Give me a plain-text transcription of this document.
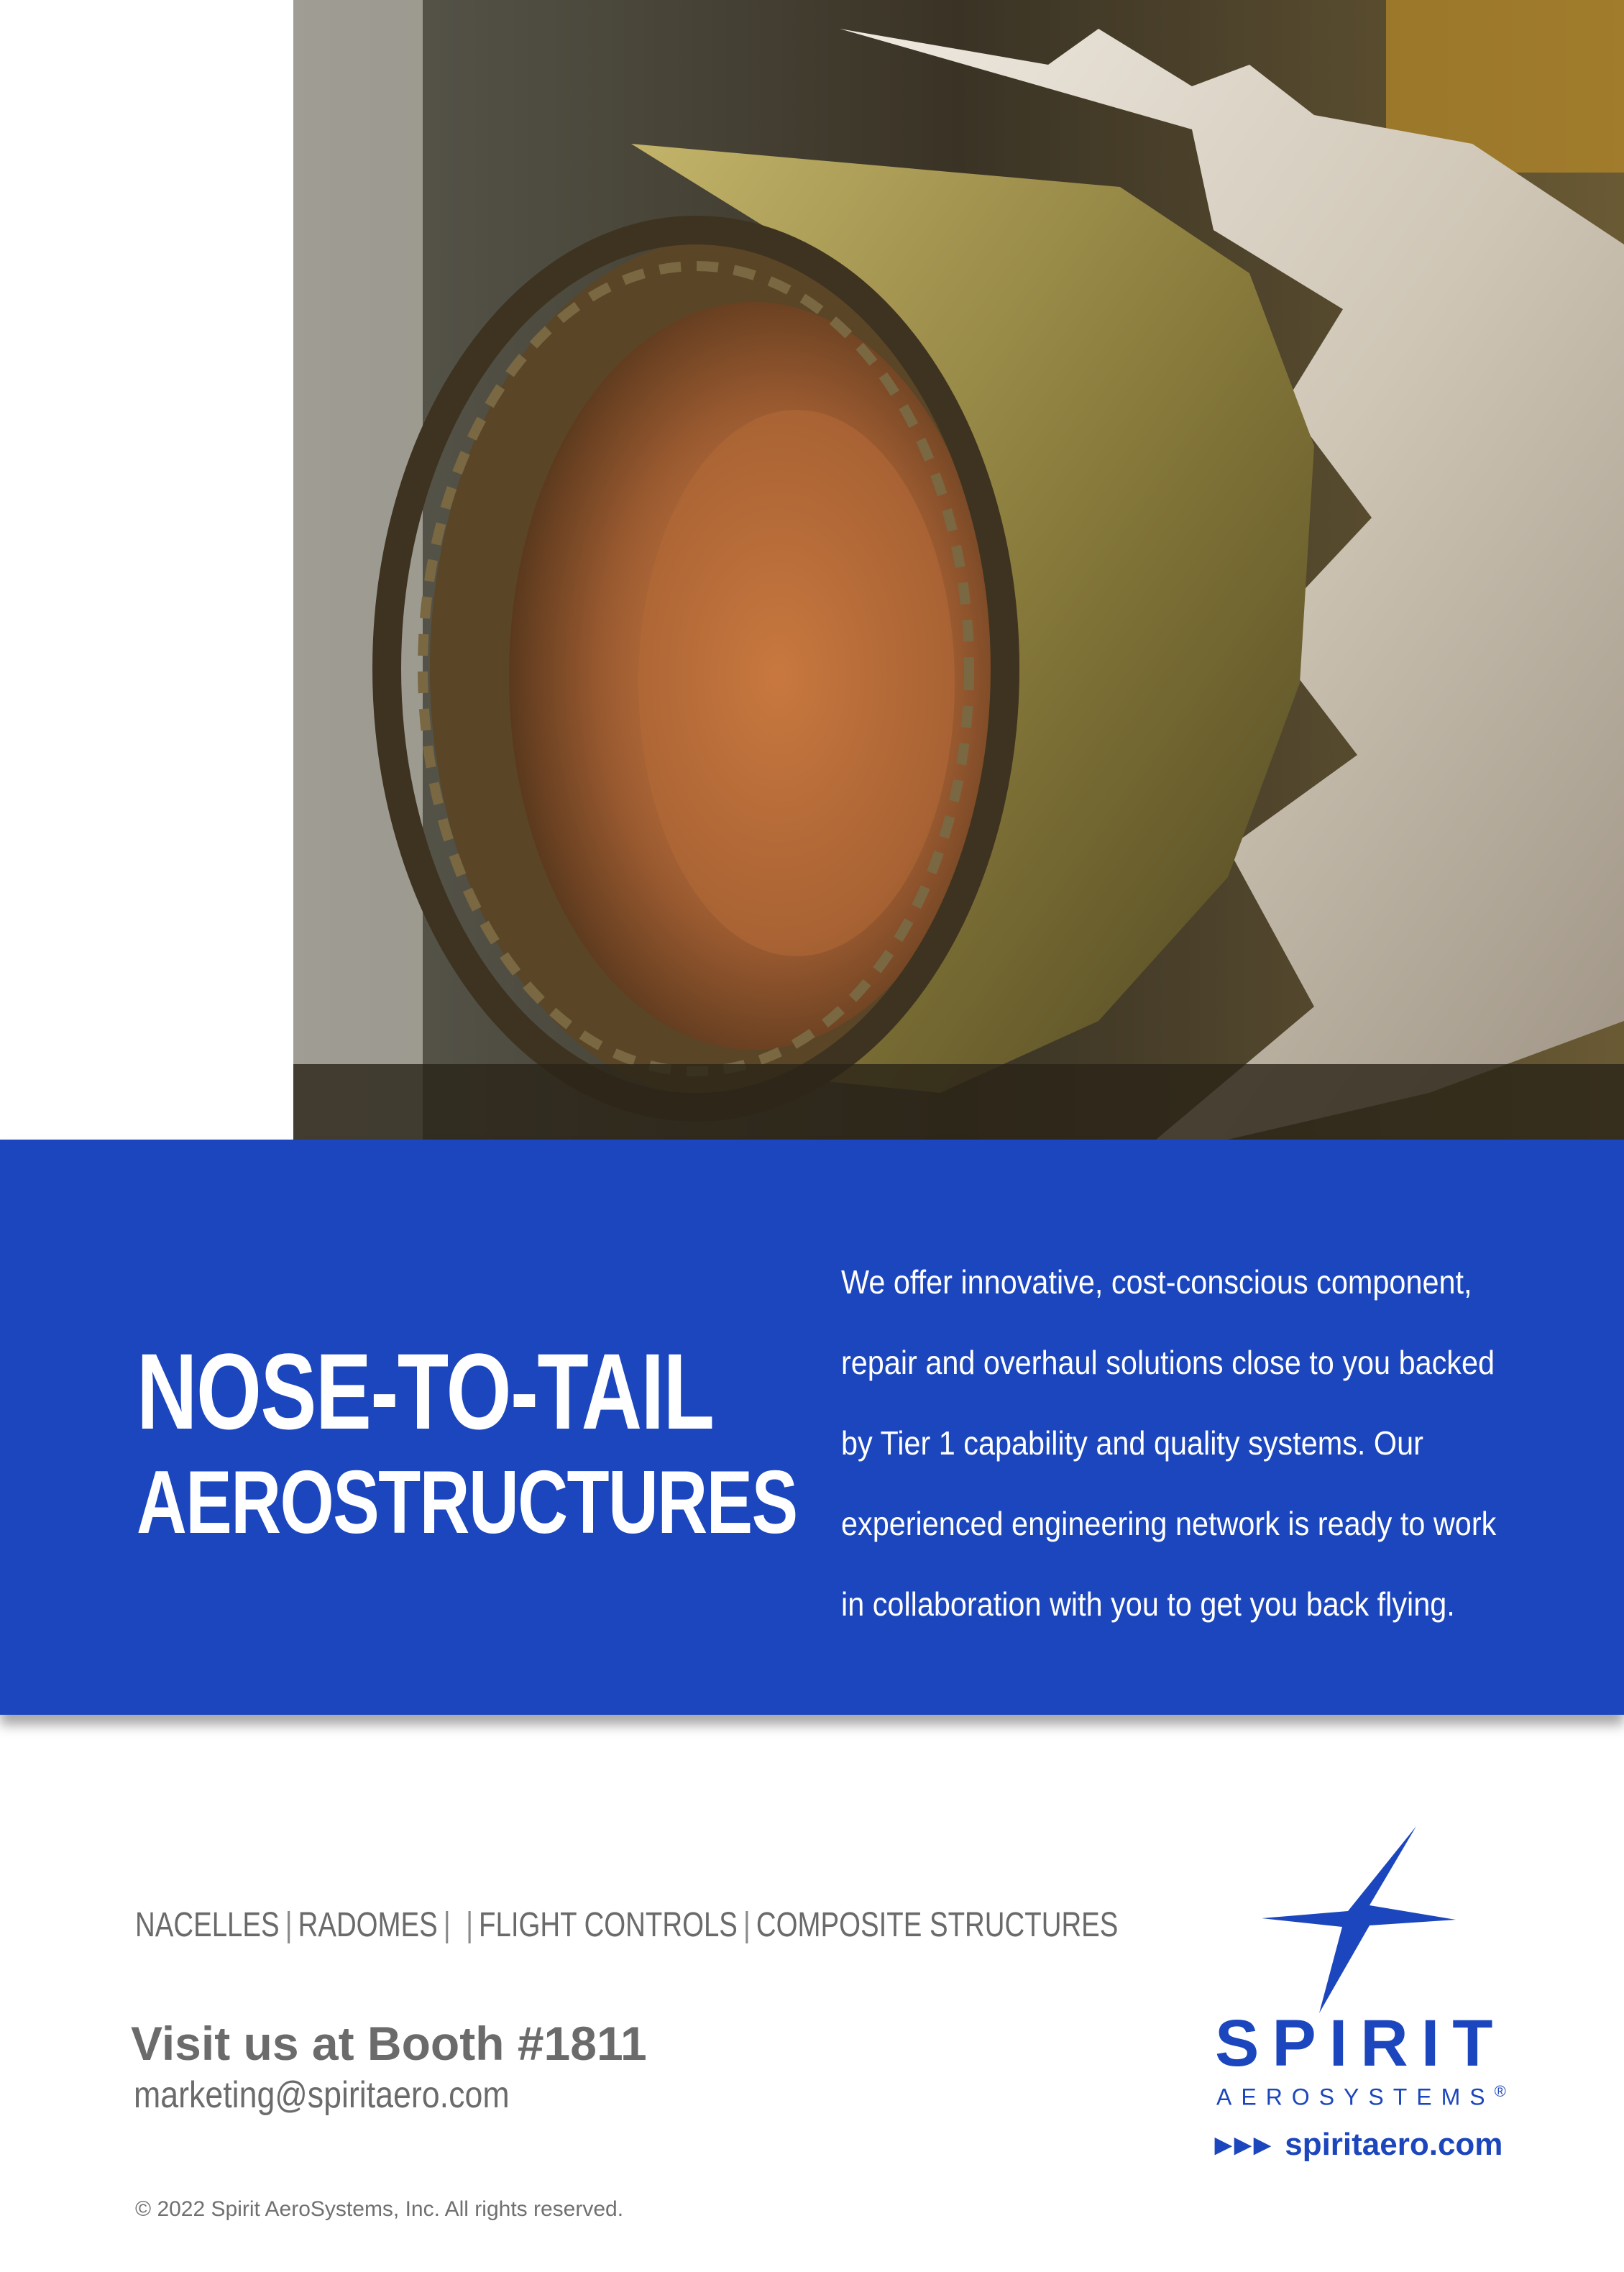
NOSE-TO-TAIL
AEROSTRUCTURES
We offer innovative, cost-conscious component,
repair and overhaul solutions close to you backed
by Tier 1 capability and quality systems. Our
experienced engineering network is ready to work
in collaboration with you to get you back flying.
NACELLES | RADOMES |  | FLIGHT CONTROLS | COMPOSITE STRUCTURES
Visit us at Booth #1811
marketing@spiritaero.com
© 2022 Spirit AeroSystems, Inc. All rights reserved.
SPIRIT
AEROSYSTEMS®
▶▶▶ spiritaero.com
